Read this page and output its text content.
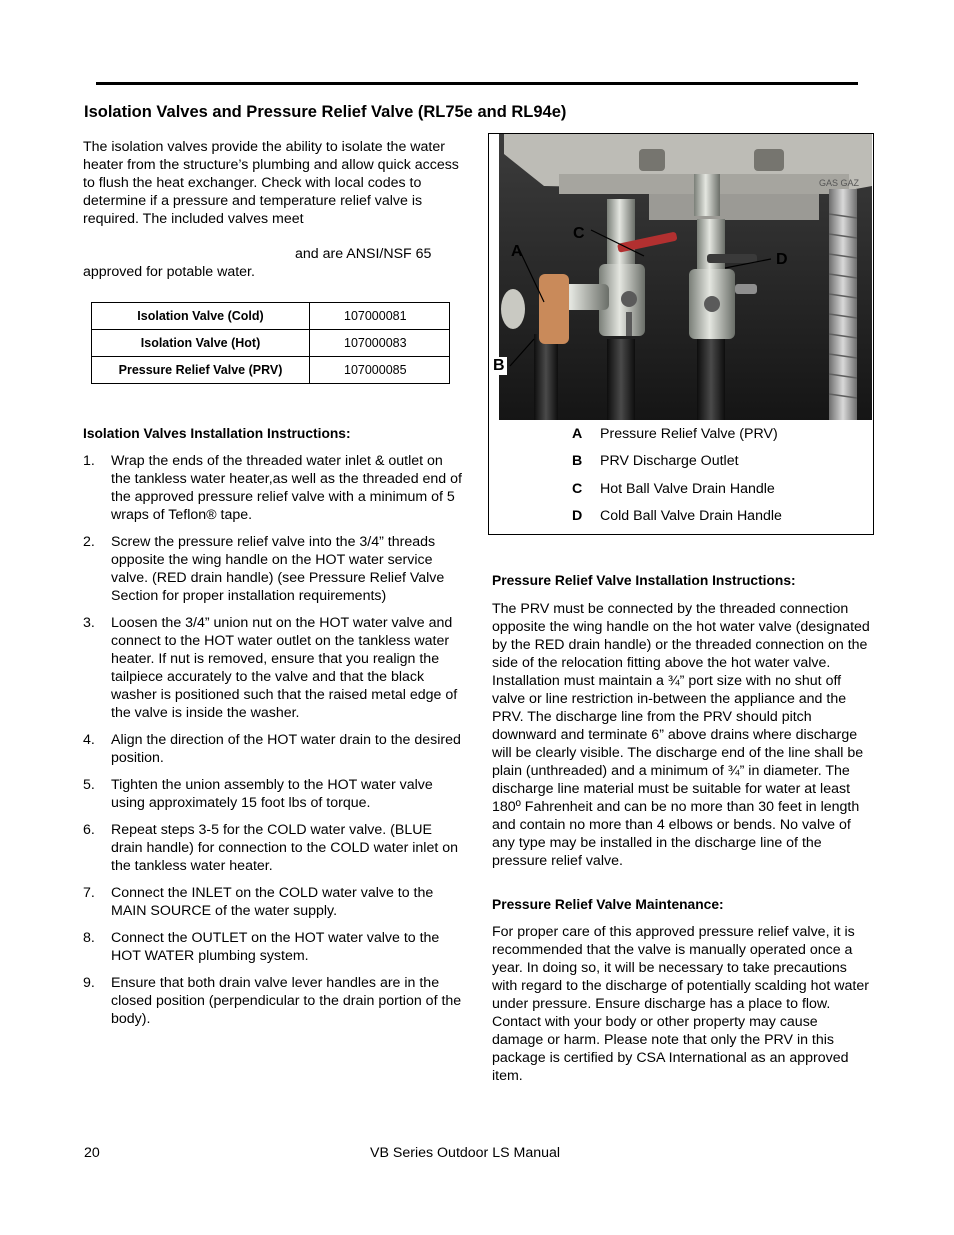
Isolation Valves and Pressure Relief Valve (RL75e and RL94e)
The isolation valves provide the ability to isolate the water heater from the structure’s plumbing and allow quick access to flush the heat exchanger. Check with local codes to determine if a pressure and temperature relief valve is required. The included valves meet
and are ANSI/NSF 65
approved for potable water.
Isolation Valve (Cold)	107000081
Isolation Valve (Hot)	107000083
Pressure Relief Valve (PRV)	107000085
Isolation Valves Installation Instructions:
1. Wrap the ends of the threaded water inlet & outlet on the tankless water heater,as well as the threaded end of the approved pressure relief valve with a minimum of 5 wraps of Teflon® tape.
2. Screw the pressure relief valve into the 3/4” threads opposite the wing handle on the HOT water service valve. (RED drain handle) (see Pressure Relief Valve Section for proper installation requirements)
3. Loosen the 3/4” union nut on the HOT water valve and connect to the HOT water outlet on the tankless water heater. If nut is removed, ensure that you realign the tailpiece accurately to the valve and that the black washer is positioned such that the raised metal edge of the valve is inside the washer.
4. Align the direction of the HOT water drain to the desired position.
5. Tighten the union assembly to the HOT water valve using approximately 15 foot lbs of torque.
6. Repeat steps 3-5 for the COLD water valve. (BLUE drain handle) for connection to the COLD water inlet on the tankless water heater.
7. Connect the INLET on the COLD water valve to the MAIN SOURCE of the water supply.
8. Connect the OUTLET on the HOT water valve to the HOT WATER plumbing system.
9. Ensure that both drain valve lever handles are in the closed position (perpendicular to the drain portion of the body).
GAS GAZ
A
C
D
B
A Pressure Relief Valve (PRV)
B PRV Discharge Outlet
C Hot Ball Valve Drain Handle
D Cold Ball Valve Drain Handle
Pressure Relief Valve Installation Instructions:
The PRV must be connected by the threaded connection opposite the wing handle on the hot water valve (designated by the RED drain handle) or the threaded connection on the side of the relocation fitting above the hot water valve. Installation must maintain a ¾” port size with no shut off valve or line restriction in-between the appliance and the PRV. The discharge line from the PRV should pitch downward and terminate 6” above drains where discharge will be clearly visible. The discharge end of the line shall be plain (unthreaded) and a minimum of ¾” in diameter. The discharge line material must be suitable for water at least 180º Fahrenheit and can be no more than 30 feet in length and contain no more than 4 elbows or bends. No valve of any type may be installed in the discharge line of the pressure relief valve.
Pressure Relief Valve Maintenance:
For proper care of this approved pressure relief valve, it is recommended that the valve is manually operated once a year. In doing so, it will be necessary to take precautions with regard to the discharge of potentially scalding hot water under pressure. Ensure discharge has a place to flow. Contact with your body or other property may cause damage or harm. Please note that only the PRV in this package is certified by CSA International as an approved item.
20	VB Series Outdoor LS Manual
